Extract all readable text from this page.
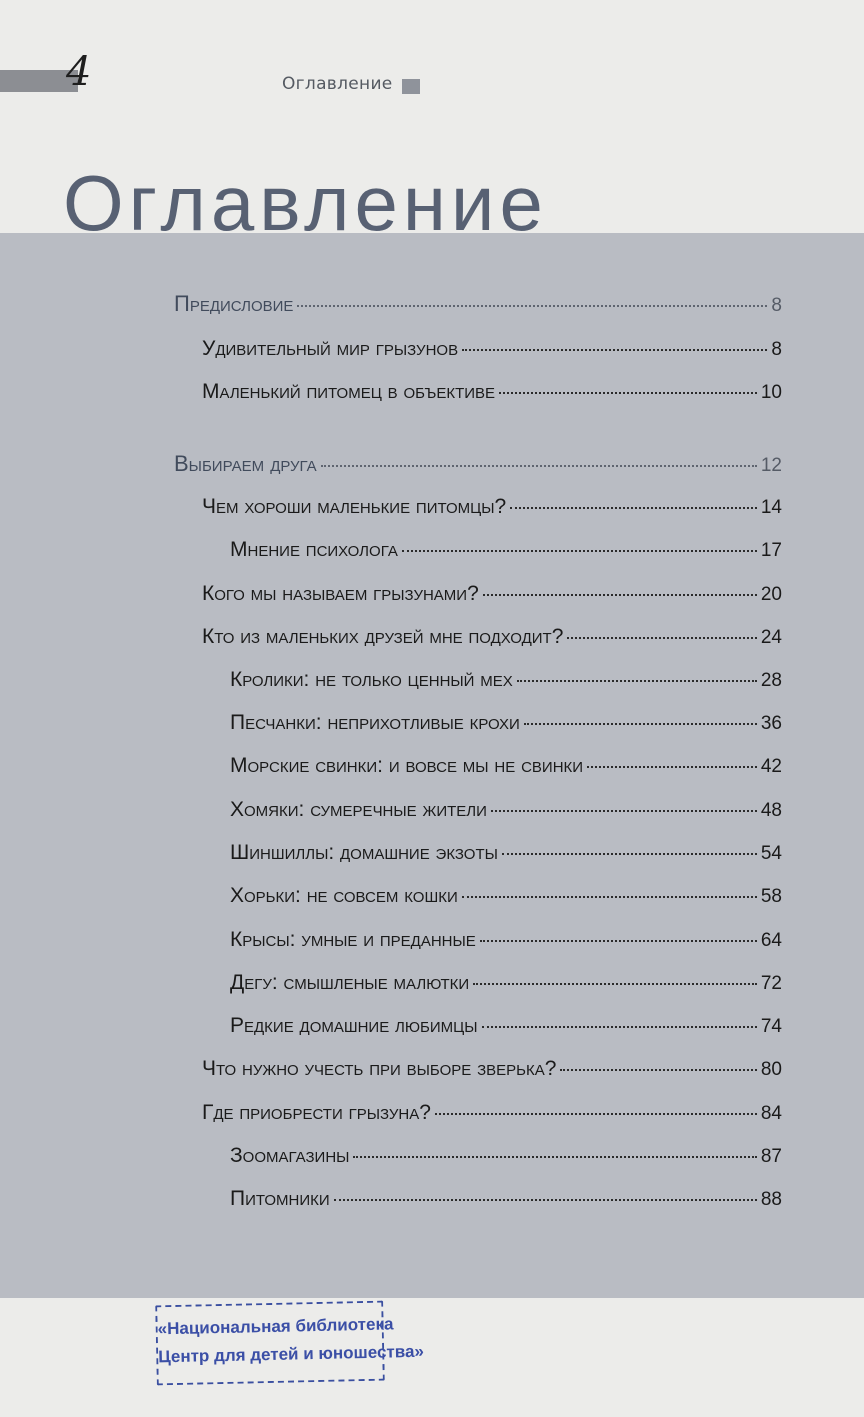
4	Оглавление
Оглавление
Предисловие	8
Удивительный мир грызунов	8
Маленький питомец в объективе	10
Выбираем друга	12
Чем хороши маленькие питомцы?	14
Мнение психолога	17
Кого мы называем грызунами?	20
Кто из маленьких друзей мне подходит?	24
Кролики: не только ценный мех	28
Песчанки: неприхотливые крохи	36
Морские свинки: и вовсе мы не свинки	42
Хомяки: сумеречные жители	48
Шиншиллы: домашние экзоты	54
Хорьки: не совсем кошки	58
Крысы: умные и преданные	64
Дегу: смышленые малютки	72
Редкие домашние любимцы	74
Что нужно учесть при выборе зверька?	80
Где приобрести грызуна?	84
Зоомагазины	87
Питомники	88
«Национальная библиотека
Центр для детей и юношества»
